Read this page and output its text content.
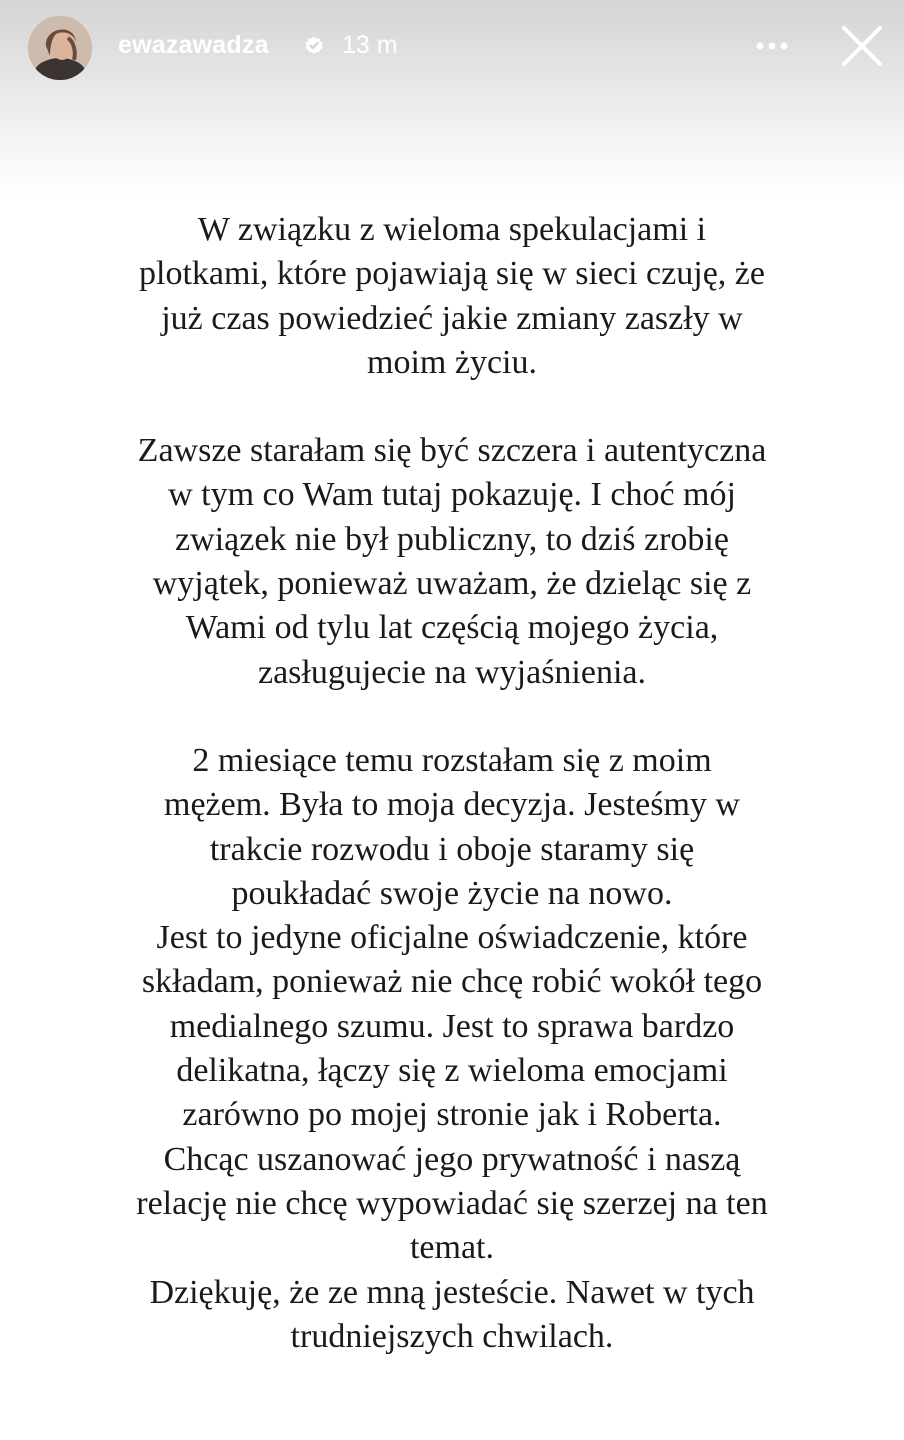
ewazawadza	13 m

W związku z wieloma spekulacjami i

plotkami, które pojawiają się w sieci czuję, że

już czas powiedzieć jakie zmiany zaszły w

moim życiu.

Zawsze starałam się być szczera i autentyczna

w tym co Wam tutaj pokazuję. I choć mój

związek nie był publiczny, to dziś zrobię

wyjątek, ponieważ uważam, że dzieląc się z

Wami od tylu lat częścią mojego życia,

zasługujecie na wyjaśnienia.

2 miesiące temu rozstałam się z moim

mężem. Była to moja decyzja. Jesteśmy w

trakcie rozwodu i oboje staramy się

poukładać swoje życie na nowo.

Jest to jedyne oficjalne oświadczenie, które

składam, ponieważ nie chcę robić wokół tego

medialnego szumu. Jest to sprawa bardzo

delikatna, łączy się z wieloma emocjami

zarówno po mojej stronie jak i Roberta.

Chcąc uszanować jego prywatność i naszą

relację nie chcę wypowiadać się szerzej na ten

temat.

Dziękuję, że ze mną jesteście. Nawet w tych

trudniejszych chwilach.
